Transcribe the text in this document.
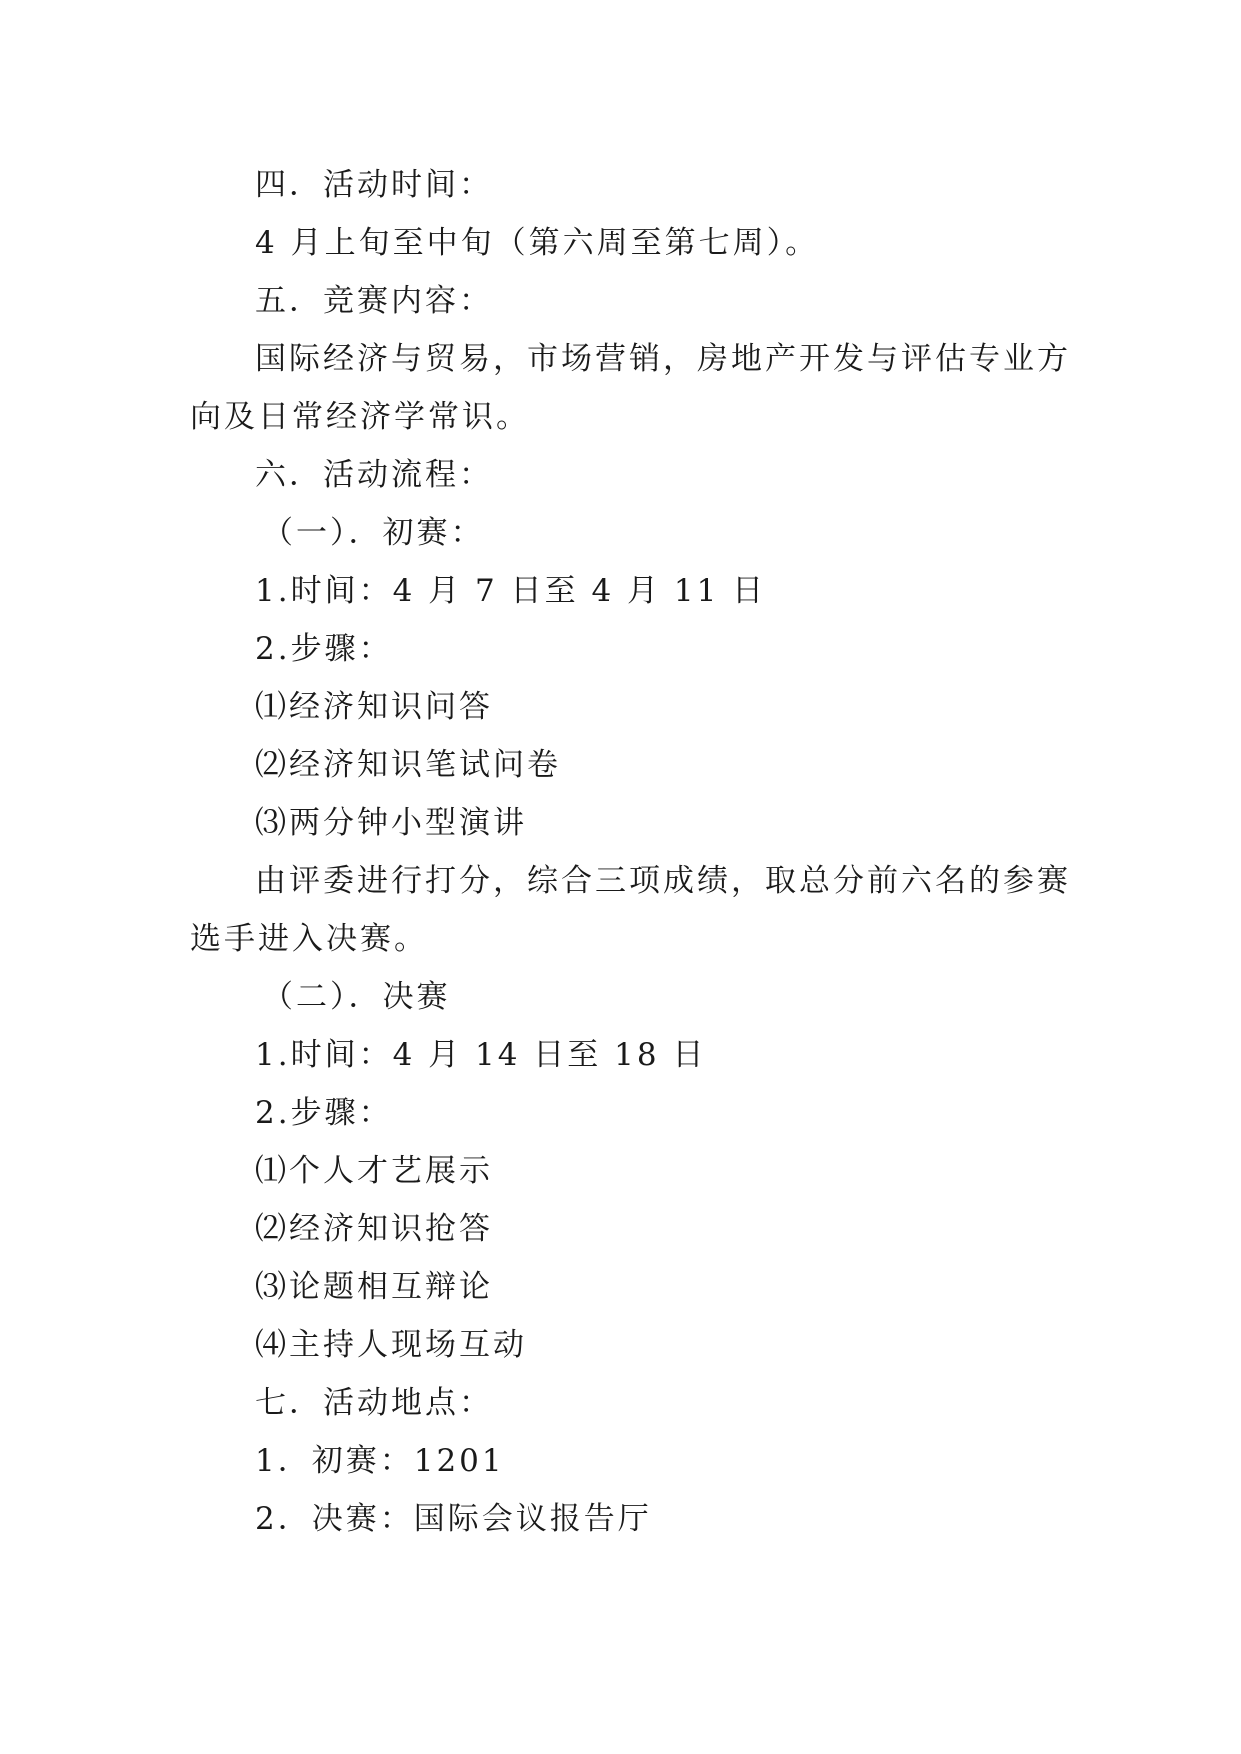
四．活动时间：
4 月上旬至中旬（第六周至第七周）。
五．竞赛内容：
国际经济与贸易，市场营销，房地产开发与评估专业方
向及日常经济学常识。
六．活动流程：
（一）．初赛：
1.时间：4 月 7 日至 4 月 11 日
2.步骤：
⑴经济知识问答
⑵经济知识笔试问卷
⑶两分钟小型演讲
由评委进行打分，综合三项成绩，取总分前六名的参赛
选手进入决赛。
（二）．决赛
1.时间：4 月 14 日至 18 日
2.步骤：
⑴个人才艺展示
⑵经济知识抢答
⑶论题相互辩论
⑷主持人现场互动
七．活动地点：
1．初赛：1201
2．决赛：国际会议报告厅
